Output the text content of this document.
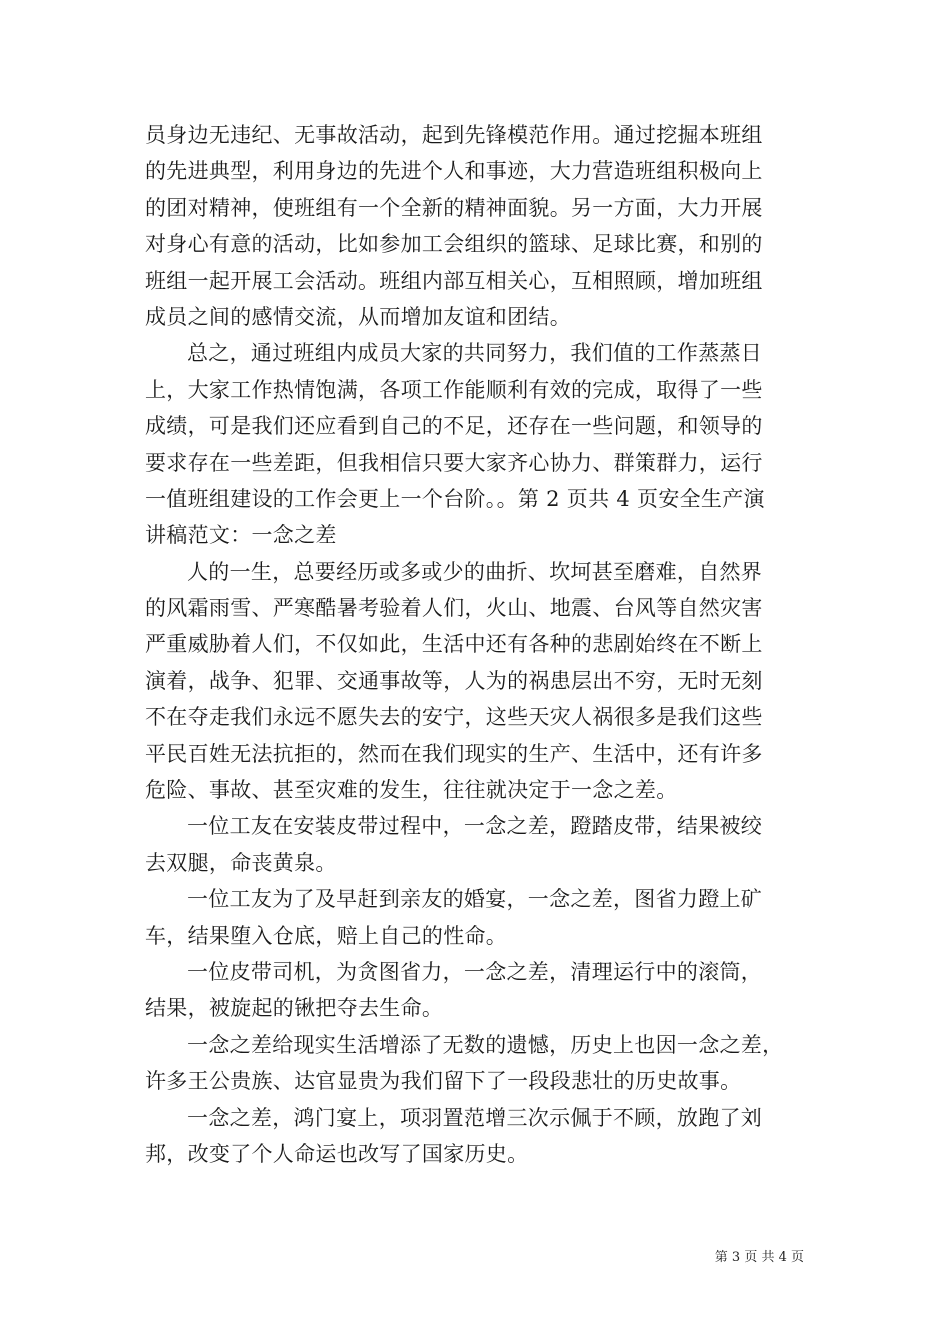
员身边无违纪、无事故活动，起到先锋模范作用。通过挖掘本班组
的先进典型，利用身边的先进个人和事迹，大力营造班组积极向上
的团对精神，使班组有一个全新的精神面貌。另一方面，大力开展
对身心有意的活动，比如参加工会组织的篮球、足球比赛，和别的
班组一起开展工会活动。班组内部互相关心，互相照顾，增加班组
成员之间的感情交流，从而增加友谊和团结。
总之，通过班组内成员大家的共同努力，我们值的工作蒸蒸日
上，大家工作热情饱满，各项工作能顺利有效的完成，取得了一些
成绩，可是我们还应看到自己的不足，还存在一些问题，和领导的
要求存在一些差距，但我相信只要大家齐心协力、群策群力，运行
一值班组建设的工作会更上一个台阶。。第 2 页共 4 页安全生产演
讲稿范文：一念之差
人的一生，总要经历或多或少的曲折、坎坷甚至磨难，自然界
的风霜雨雪、严寒酷暑考验着人们，火山、地震、台风等自然灾害
严重威胁着人们，不仅如此，生活中还有各种的悲剧始终在不断上
演着，战争、犯罪、交通事故等，人为的祸患层出不穷，无时无刻
不在夺走我们永远不愿失去的安宁，这些天灾人祸很多是我们这些
平民百姓无法抗拒的，然而在我们现实的生产、生活中，还有许多
危险、事故、甚至灾难的发生，往往就决定于一念之差。
一位工友在安装皮带过程中，一念之差，蹬踏皮带，结果被绞
去双腿，命丧黄泉。
一位工友为了及早赶到亲友的婚宴，一念之差，图省力蹬上矿
车，结果堕入仓底，赔上自己的性命。
一位皮带司机，为贪图省力，一念之差，清理运行中的滚筒，
结果，被旋起的锹把夺去生命。
一念之差给现实生活增添了无数的遗憾，历史上也因一念之差，
许多王公贵族、达官显贵为我们留下了一段段悲壮的历史故事。
一念之差，鸿门宴上，项羽置范增三次示佩于不顾，放跑了刘
邦，改变了个人命运也改写了国家历史。
第 3 页 共 4 页
